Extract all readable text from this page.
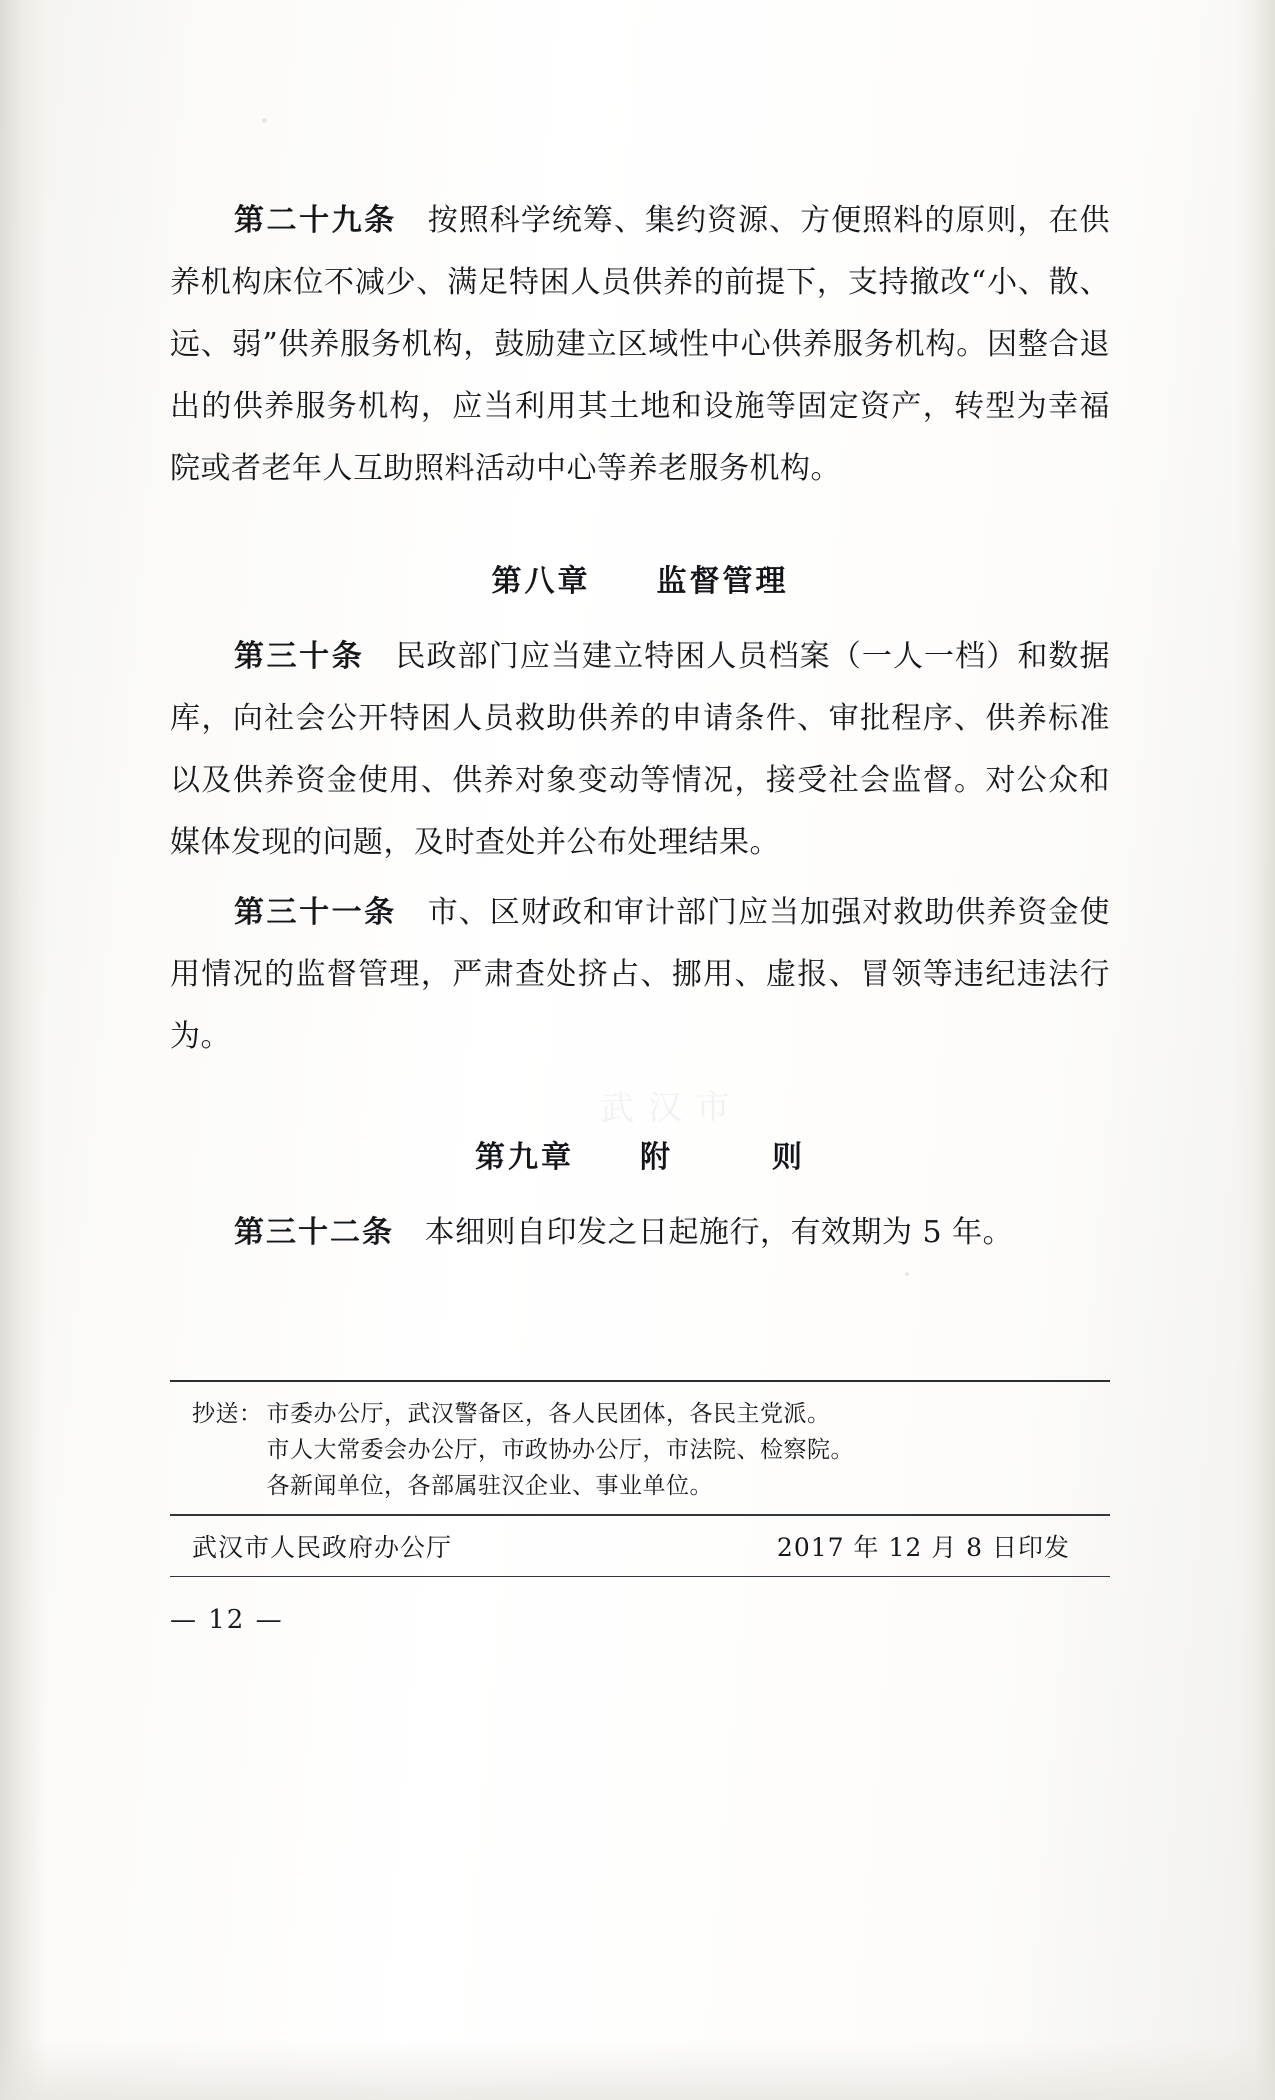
武汉市

第二十九条　按照科学统筹、集约资源、方便照料的原则，在供养机构床位不减少、满足特困人员供养的前提下，支持撤改“小、散、远、弱”供养服务机构，鼓励建立区域性中心供养服务机构。因整合退出的供养服务机构，应当利用其土地和设施等固定资产，转型为幸福院或者老年人互助照料活动中心等养老服务机构。

第八章　　监督管理

第三十条　民政部门应当建立特困人员档案（一人一档）和数据库，向社会公开特困人员救助供养的申请条件、审批程序、供养标准以及供养资金使用、供养对象变动等情况，接受社会监督。对公众和媒体发现的问题，及时查处并公布处理结果。

第三十一条　市、区财政和审计部门应当加强对救助供养资金使用情况的监督管理，严肃查处挤占、挪用、虚报、冒领等违纪违法行为。

第九章　　附　　　则

第三十二条　本细则自印发之日起施行，有效期为 5 年。

抄送： 市委办公厅，武汉警备区，各人民团体，各民主党派。
市人大常委会办公厅，市政协办公厅，市法院、检察院。
各新闻单位，各部属驻汉企业、事业单位。
武汉市人民政府办公厅	2017 年 12 月 8 日印发
— 12 —
